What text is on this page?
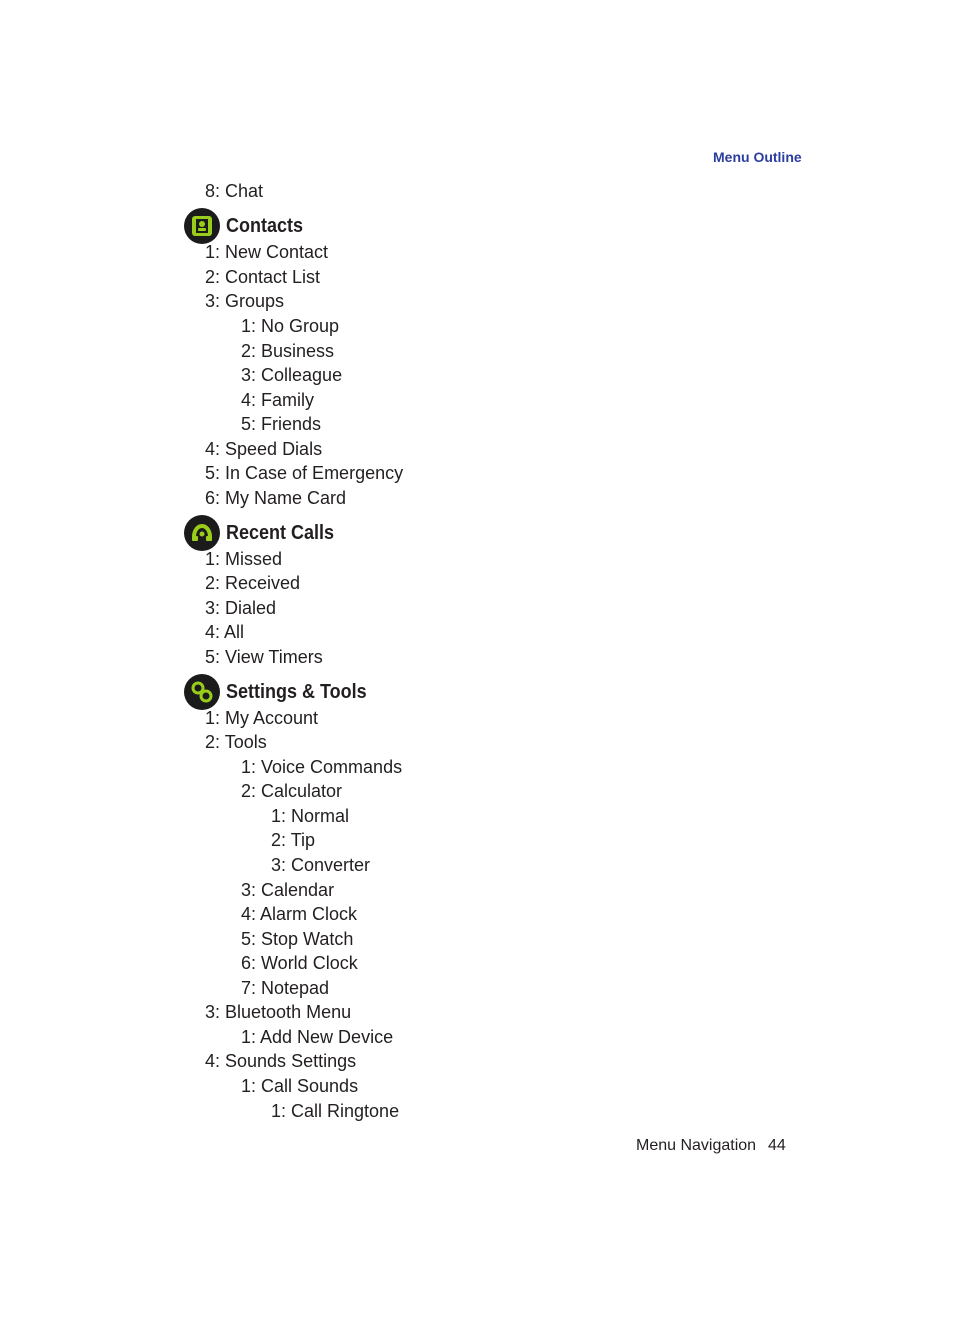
Menu Outline
8: Chat
Contacts
1: New Contact
2: Contact List
3: Groups
1: No Group
2: Business
3: Colleague
4: Family
5: Friends
4: Speed Dials
5: In Case of Emergency
6: My Name Card
Recent Calls
1: Missed
2: Received
3: Dialed
4: All
5: View Timers
Settings & Tools
1: My Account
2: Tools
1: Voice Commands
2: Calculator
1: Normal
2: Tip
3: Converter
3: Calendar
4: Alarm Clock
5: Stop Watch
6: World Clock
7: Notepad
3: Bluetooth Menu
1: Add New Device
4: Sounds Settings
1: Call Sounds
1: Call Ringtone
Menu Navigation 44
